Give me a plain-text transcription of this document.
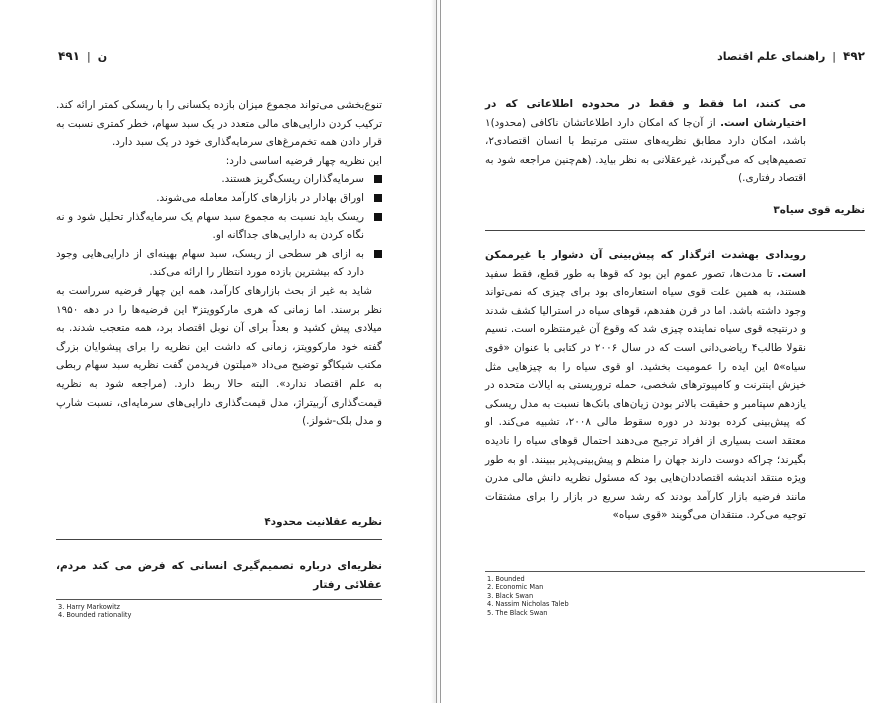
۴۹۱ | ن

تنوع‌بخشی می‌تواند مجموع میزان بازده یکسانی را با ریسکی کمتر ارائه کند. ترکیب کردن دارایی‌های مالی متعدد در یک سبد سهام، خطر کمتری نسبت به قرار دادن همه تخم‌مرغ‌های سرمایه‌گذاری خود در یک سبد دارد.

این نظریه چهار فرضیه اساسی دارد:

سرمایه‌گذاران ریسک‌گریز هستند.
اوراق بهادار در بازارهای کارآمد معامله می‌شوند.
ریسک باید نسبت به مجموع سبد سهام یک سرمایه‌گذار تحلیل شود و نه نگاه کردن به دارایی‌های جداگانه او.
به ازای هر سطحی از ریسک، سبد سهام بهینه‌ای از دارایی‌هایی وجود دارد که بیشترین بازده مورد انتظار را ارائه می‌کند.

شاید به غیر از بحث بازارهای کارآمد، همه این چهار فرضیه سرراست به نظر برسند. اما زمانی که هری مارکوویتز۳ این فرضیه‌ها را در دهه ۱۹۵۰ میلادی پیش کشید و بعداً برای آن نوبل اقتصاد برد، همه متعجب شدند. به گفته خود مارکوویتز، زمانی که داشت این نظریه را برای پیشوایان بزرگ مکتب شیکاگو توضیح می‌داد «میلتون فریدمن گفت نظریه سبد سهام ربطی به علم اقتصاد ندارد». البته حالا ربط دارد. (مراجعه شود به نظریه قیمت‌گذاری آربیتراژ، مدل قیمت‌گذاری دارایی‌های سرمایه‌ای، نسبت شارپ و مدل بلک-شولز.)

نظریه عقلانیت محدود۴

نظریه‌ای درباره تصمیم‌گیری انسانی که فرض می کند مردم، عقلائی رفتار

3. Harry Markowitz
4. Bounded rationality
راهنمای علم اقتصاد | ۴۹۲

می کنند، اما فقط و فقط در محدوده اطلاعاتی که در اختیارشان است. از آن‌جا که امکان دارد اطلاعاتشان ناکافی (محدود)۱ باشد، امکان دارد مطابق نظریه‌های سنتی مرتبط با انسان اقتصادی۲، تصمیم‌هایی که می‌گیرند، غیرعقلانی به نظر بیاید. (هم‌چنین مراجعه شود به اقتصاد رفتاری.)

نظریه قوی سیاه۳

رویدادی بهشدت اثرگذار که پیش‌بینی آن دشوار یا غیرممکن است. تا مدت‌ها، تصور عموم این بود که قوها به طور قطع، فقط سفید هستند، به همین علت قوی سیاه استعاره‌ای بود برای چیزی که نمی‌تواند وجود داشته باشد. اما در قرن هفدهم، قوهای سیاه در استرالیا کشف شدند و درنتیجه قوی سیاه نماینده چیزی شد که وقوع آن غیرمنتظره است. نسیم نقولا طالب۴ ریاضی‌دانی است که در سال ۲۰۰۶ در کتابی با عنوان «قوی سیاه»۵ این ایده را عمومیت بخشید. او قوی سیاه را به چیزهایی مثل خیزش اینترنت و کامپیوترهای شخصی، حمله تروریستی به ایالات متحده در یازدهم سپتامبر و حقیقت بالاتر بودن زیان‌های بانک‌ها نسبت به مدل ریسکی که پیش‌بینی کرده بودند در دوره سقوط مالی ۲۰۰۸، تشبیه می‌کند. او معتقد است بسیاری از افراد ترجیح می‌دهند احتمال قوهای سیاه را نادیده بگیرند؛ چراکه دوست دارند جهان را منظم و پیش‌بینی‌پذیر ببینند. او به طور ویژه منتقد اندیشه اقتصاددان‌هایی بود که مسئول نظریه دانش مالی مدرن مانند فرضیه بازار کارآمد بودند که رشد سریع در بازار را برای مشتقات توجیه می‌کرد. منتقدان می‌گویند «قوی سیاه»

1. Bounded
2. Economic Man
3. Black Swan
4. Nassim Nicholas Taleb
5. The Black Swan
